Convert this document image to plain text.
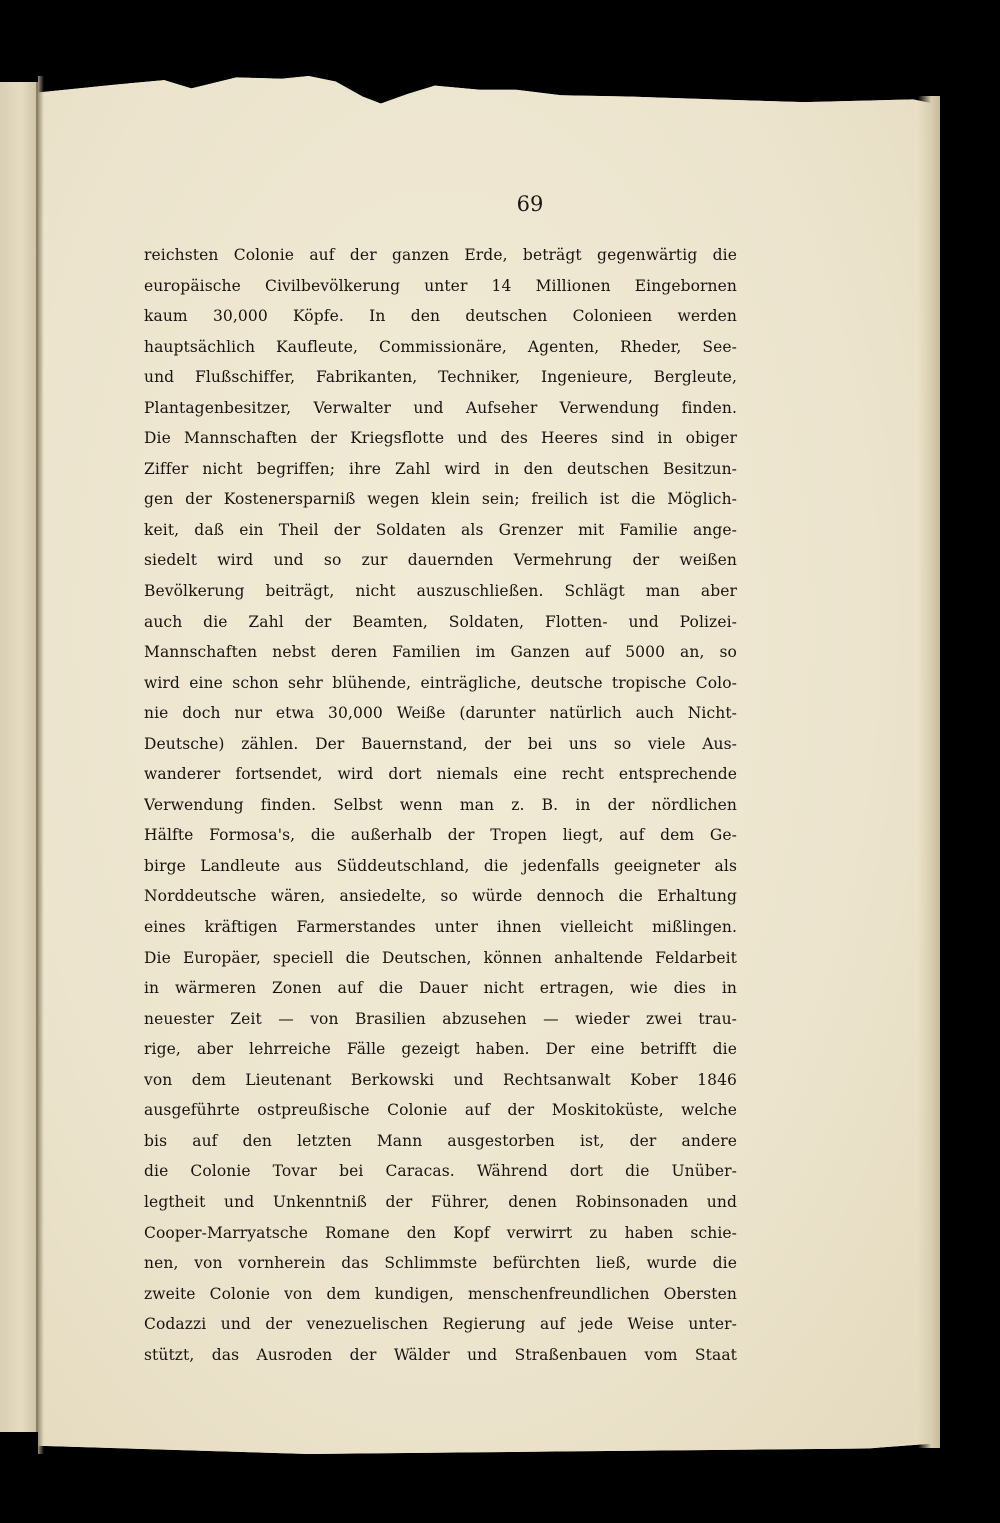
69
reichsten Colonie auf der ganzen Erde, beträgt gegenwärtig die
europäische Civilbevölkerung unter 14 Millionen Eingebornen
kaum 30,000 Köpfe. In den deutschen Colonieen werden
hauptsächlich Kaufleute, Commissionäre, Agenten, Rheder, See-
und Flußschiffer, Fabrikanten, Techniker, Ingenieure, Bergleute,
Plantagenbesitzer, Verwalter und Aufseher Verwendung finden.
Die Mannschaften der Kriegsflotte und des Heeres sind in obiger
Ziffer nicht begriffen; ihre Zahl wird in den deutschen Besitzun-
gen der Kostenersparniß wegen klein sein; freilich ist die Möglich-
keit, daß ein Theil der Soldaten als Grenzer mit Familie ange-
siedelt wird und so zur dauernden Vermehrung der weißen
Bevölkerung beiträgt, nicht auszuschließen. Schlägt man aber
auch die Zahl der Beamten, Soldaten, Flotten- und Polizei-
Mannschaften nebst deren Familien im Ganzen auf 5000 an, so
wird eine schon sehr blühende, einträgliche, deutsche tropische Colo-
nie doch nur etwa 30,000 Weiße (darunter natürlich auch Nicht-
Deutsche) zählen. Der Bauernstand, der bei uns so viele Aus-
wanderer fortsendet, wird dort niemals eine recht entsprechende
Verwendung finden. Selbst wenn man z. B. in der nördlichen
Hälfte Formosa's, die außerhalb der Tropen liegt, auf dem Ge-
birge Landleute aus Süddeutschland, die jedenfalls geeigneter als
Norddeutsche wären, ansiedelte, so würde dennoch die Erhaltung
eines kräftigen Farmerstandes unter ihnen vielleicht mißlingen.
Die Europäer, speciell die Deutschen, können anhaltende Feldarbeit
in wärmeren Zonen auf die Dauer nicht ertragen, wie dies in
neuester Zeit — von Brasilien abzusehen — wieder zwei trau-
rige, aber lehrreiche Fälle gezeigt haben. Der eine betrifft die
von dem Lieutenant Berkowski und Rechtsanwalt Kober 1846
ausgeführte ostpreußische Colonie auf der Moskitoküste, welche
bis auf den letzten Mann ausgestorben ist, der andere
die Colonie Tovar bei Caracas. Während dort die Unüber-
legtheit und Unkenntniß der Führer, denen Robinsonaden und
Cooper-Marryatsche Romane den Kopf verwirrt zu haben schie-
nen, von vornherein das Schlimmste befürchten ließ, wurde die
zweite Colonie von dem kundigen, menschenfreundlichen Obersten
Codazzi und der venezuelischen Regierung auf jede Weise unter-
stützt, das Ausroden der Wälder und Straßenbauen vom Staat
